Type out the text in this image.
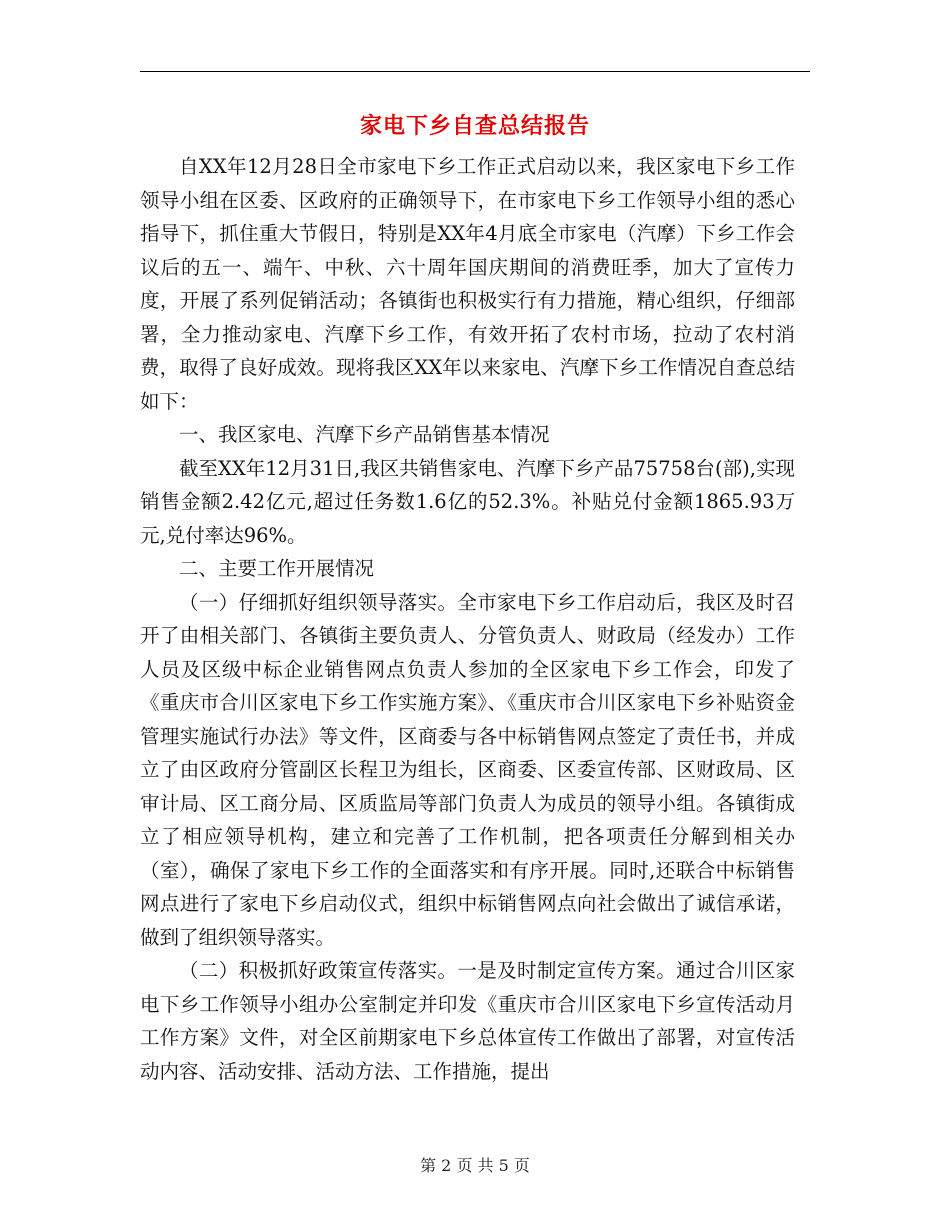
家电下乡自查总结报告

自XX年12月28日全市家电下乡工作正式启动以来，我区家电下乡工作领导小组在区委、区政府的正确领导下，在市家电下乡工作领导小组的悉心指导下，抓住重大节假日，特别是XX年4月底全市家电（汽摩）下乡工作会议后的五一、端午、中秋、六十周年国庆期间的消费旺季，加大了宣传力度，开展了系列促销活动；各镇街也积极实行有力措施，精心组织，仔细部署，全力推动家电、汽摩下乡工作，有效开拓了农村市场，拉动了农村消费，取得了良好成效。现将我区XX年以来家电、汽摩下乡工作情况自查总结如下：

一、我区家电、汽摩下乡产品销售基本情况

截至XX年12月31日,我区共销售家电、汽摩下乡产品75758台(部),实现销售金额2.42亿元,超过任务数1.6亿的52.3%。补贴兑付金额1865.93万元,兑付率达96%。

二、主要工作开展情况

（一）仔细抓好组织领导落实。全市家电下乡工作启动后，我区及时召开了由相关部门、各镇街主要负责人、分管负责人、财政局（经发办）工作人员及区级中标企业销售网点负责人参加的全区家电下乡工作会，印发了《重庆市合川区家电下乡工作实施方案》、《重庆市合川区家电下乡补贴资金管理实施试行办法》等文件，区商委与各中标销售网点签定了责任书，并成立了由区政府分管副区长程卫为组长，区商委、区委宣传部、区财政局、区审计局、区工商分局、区质监局等部门负责人为成员的领导小组。各镇街成立了相应领导机构，建立和完善了工作机制，把各项责任分解到相关办（室），确保了家电下乡工作的全面落实和有序开展。同时,还联合中标销售网点进行了家电下乡启动仪式，组织中标销售网点向社会做出了诚信承诺，做到了组织领导落实。

（二）积极抓好政策宣传落实。一是及时制定宣传方案。通过合川区家电下乡工作领导小组办公室制定并印发《重庆市合川区家电下乡宣传活动月工作方案》文件，对全区前期家电下乡总体宣传工作做出了部署，对宣传活动内容、活动安排、活动方法、工作措施，提出

第 2 页 共 5 页
